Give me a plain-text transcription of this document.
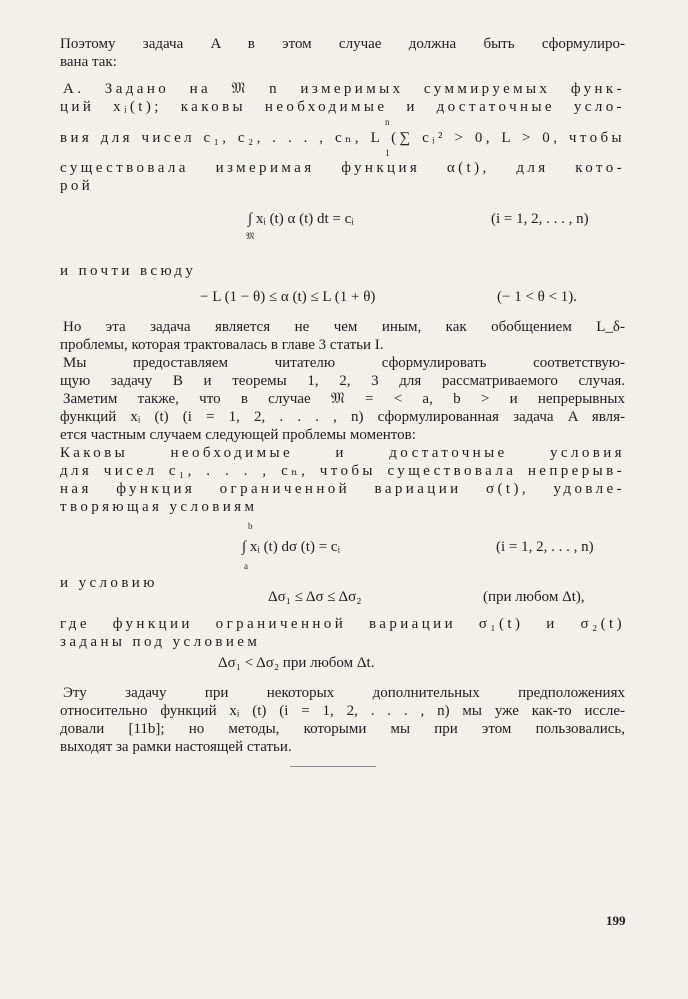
Поэтому задача A в этом случае должна быть сформулиро-
вана так:
A. Задано на 𝔐 n измеримых суммируемых функ-
ций xᵢ(t); каковы необходимые и достаточные усло-
n
вия для чисел c₁, c₂, . . . , cₙ, L (∑ cᵢ² > 0, L > 0, чтобы
1
существовала измеримая функция α(t), для кото-
рой
∫ xᵢ (t) α (t) dt = cᵢ
𝔐
(i = 1, 2, . . . , n)
и почти всюду
− L (1 − θ) ≤ α (t) ≤ L (1 + θ)	(− 1 < θ < 1).
Но эта задача является не чем иным, как обобщением L_δ-
проблемы, которая трактовалась в главе 3 статьи I.
Мы предоставляем читателю сформулировать соответствую-
щую задачу B и теоремы 1, 2, 3 для рассматриваемого случая.
Заметим также, что в случае 𝔐 = < a, b > и непрерывных
функций xᵢ (t) (i = 1, 2, . . . , n) сформулированная задача A явля-
ется частным случаем следующей проблемы моментов:
Каковы необходимые и достаточные условия
для чисел c₁, . . . , cₙ, чтобы существовала непрерыв-
ная функция ограниченной вариации σ(t), удовле-
творяющая условиям
b
∫ xᵢ (t) dσ (t) = cᵢ
a
(i = 1, 2, . . . , n)
и условию
Δσ₁ ≤ Δσ ≤ Δσ₂	(при любом Δt),
где функции ограниченной вариации σ₁(t) и σ₂(t)
заданы под условием
Δσ₁ < Δσ₂ при любом Δt.
Эту задачу при некоторых дополнительных предположениях
относительно функций xᵢ (t) (i = 1, 2, . . . , n) мы уже как-то иссле-
довали [11b]; но методы, которыми мы при этом пользовались,
выходят за рамки настоящей статьи.
199
